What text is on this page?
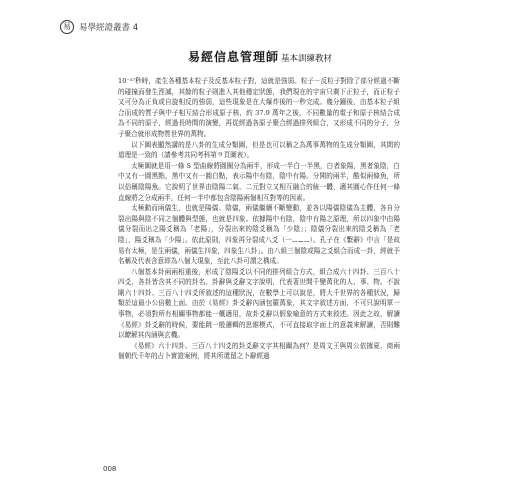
易 易學經證叢書 4
易經信息管理師 基本訓練教材

10⁻³⁷秒時，產生各種基本粒子及反基本粒子對，這就是強弱。粒子－反粒子對除了部分經過不斷的碰撞而發生湮滅，其餘的粒子則進入其他穩定狀態，我們現在的宇宙只剩下正粒子，而正粒子又可分為正負或自旋相反的強弱，這些現象是在大爆炸後的一秒完成。幾分鐘後，由基本粒子組合而成的質子與中子相互結合形成原子核，約 37.9 萬年之後，不同數量的電子和原子核結合成為不同的原子，經過長時間的演變，再從經過各原子聚合經過排列組合，又形成不同的分子，分子聚合就形成物質世界的萬物。

以下圖表顯然講的是八卦的生成分類圖，但是也可以稱之為萬事萬物的生成分類圖，其間的道理是一致的（請參考共同考科第９頁圖表）。

太極圖就是用一條 S 型曲線將圓圈分為兩半，形成一半白一半黑，白者象陽，黑者象陰，白中又有一圓黑點，黑中又有一圓白點，表示陽中有陰，陰中有陽。分開的兩半，酷似兩條魚，所以俗稱陰陽魚。它說明了世界由陰陽二氣、二元對立又相互融合的統一體，適其圓心作任何一條直線將之分成兩半，任何一半中都包含陰陽兩個相互對等的因素。

太極動而兩儀生，也就是陽儀、陰儀，兩儀繼續不斷變動，並各以陽儀陰儀為主體，各自分裂出陽與陰不同之個體與型態，也就是四象。依據陽中有陰，陰中有陽之原理，所以四象中由陽儀分裂而出之陽爻稱為「老陽」，分裂出來的陰爻稱為「少陰」；陰儀分裂出來的陰爻稱為「老陰」，陽爻稱為「少陽」。依此原則，四象再分裂成八爻（一⚋⚊⚋）。孔子在《繫辭》中言「是故易有太極，是生兩儀，兩儀生四象，四象生八卦」。由八組三個陰或陽之爻組合而成一卦，經就予名稱及代表含意即為八個大現象，至此八卦可謂之構成。

八個基本卦兩兩相重後，形成了陰陽爻以不同的排列組合方式，組合成六十四卦、三百八十四爻，各卦皆含其不同的卦名、卦辭與爻辭文字說明，代表著世間千變萬化的人、事、物。不說剛六十四卦、三百八十四爻所敘述的這種狀況，在數學上可以說是，將大千世界的各種狀況，歸類於這最小公倍數上面。由於《易經》卦爻辭內涵包羅萬象，其文字敘述方面，不可只說明單一事物，必須對所有相關事物都能一概適用，故卦爻辭以假象喻意的方式來敘述。因此之故，解讀《易經》卦爻辭的時候，要能跳一般邏輯的思維模式，不可直接取字面上的意義來解讀，否則難以瞭解其內涵與玄機。

《易經》六十四卦、三百八十四爻的卦爻辭文字其相關為何？是周文王與周公依據夏、商兩個朝代千年的占卜實證案例，將其所還留之卜辭經過

008
